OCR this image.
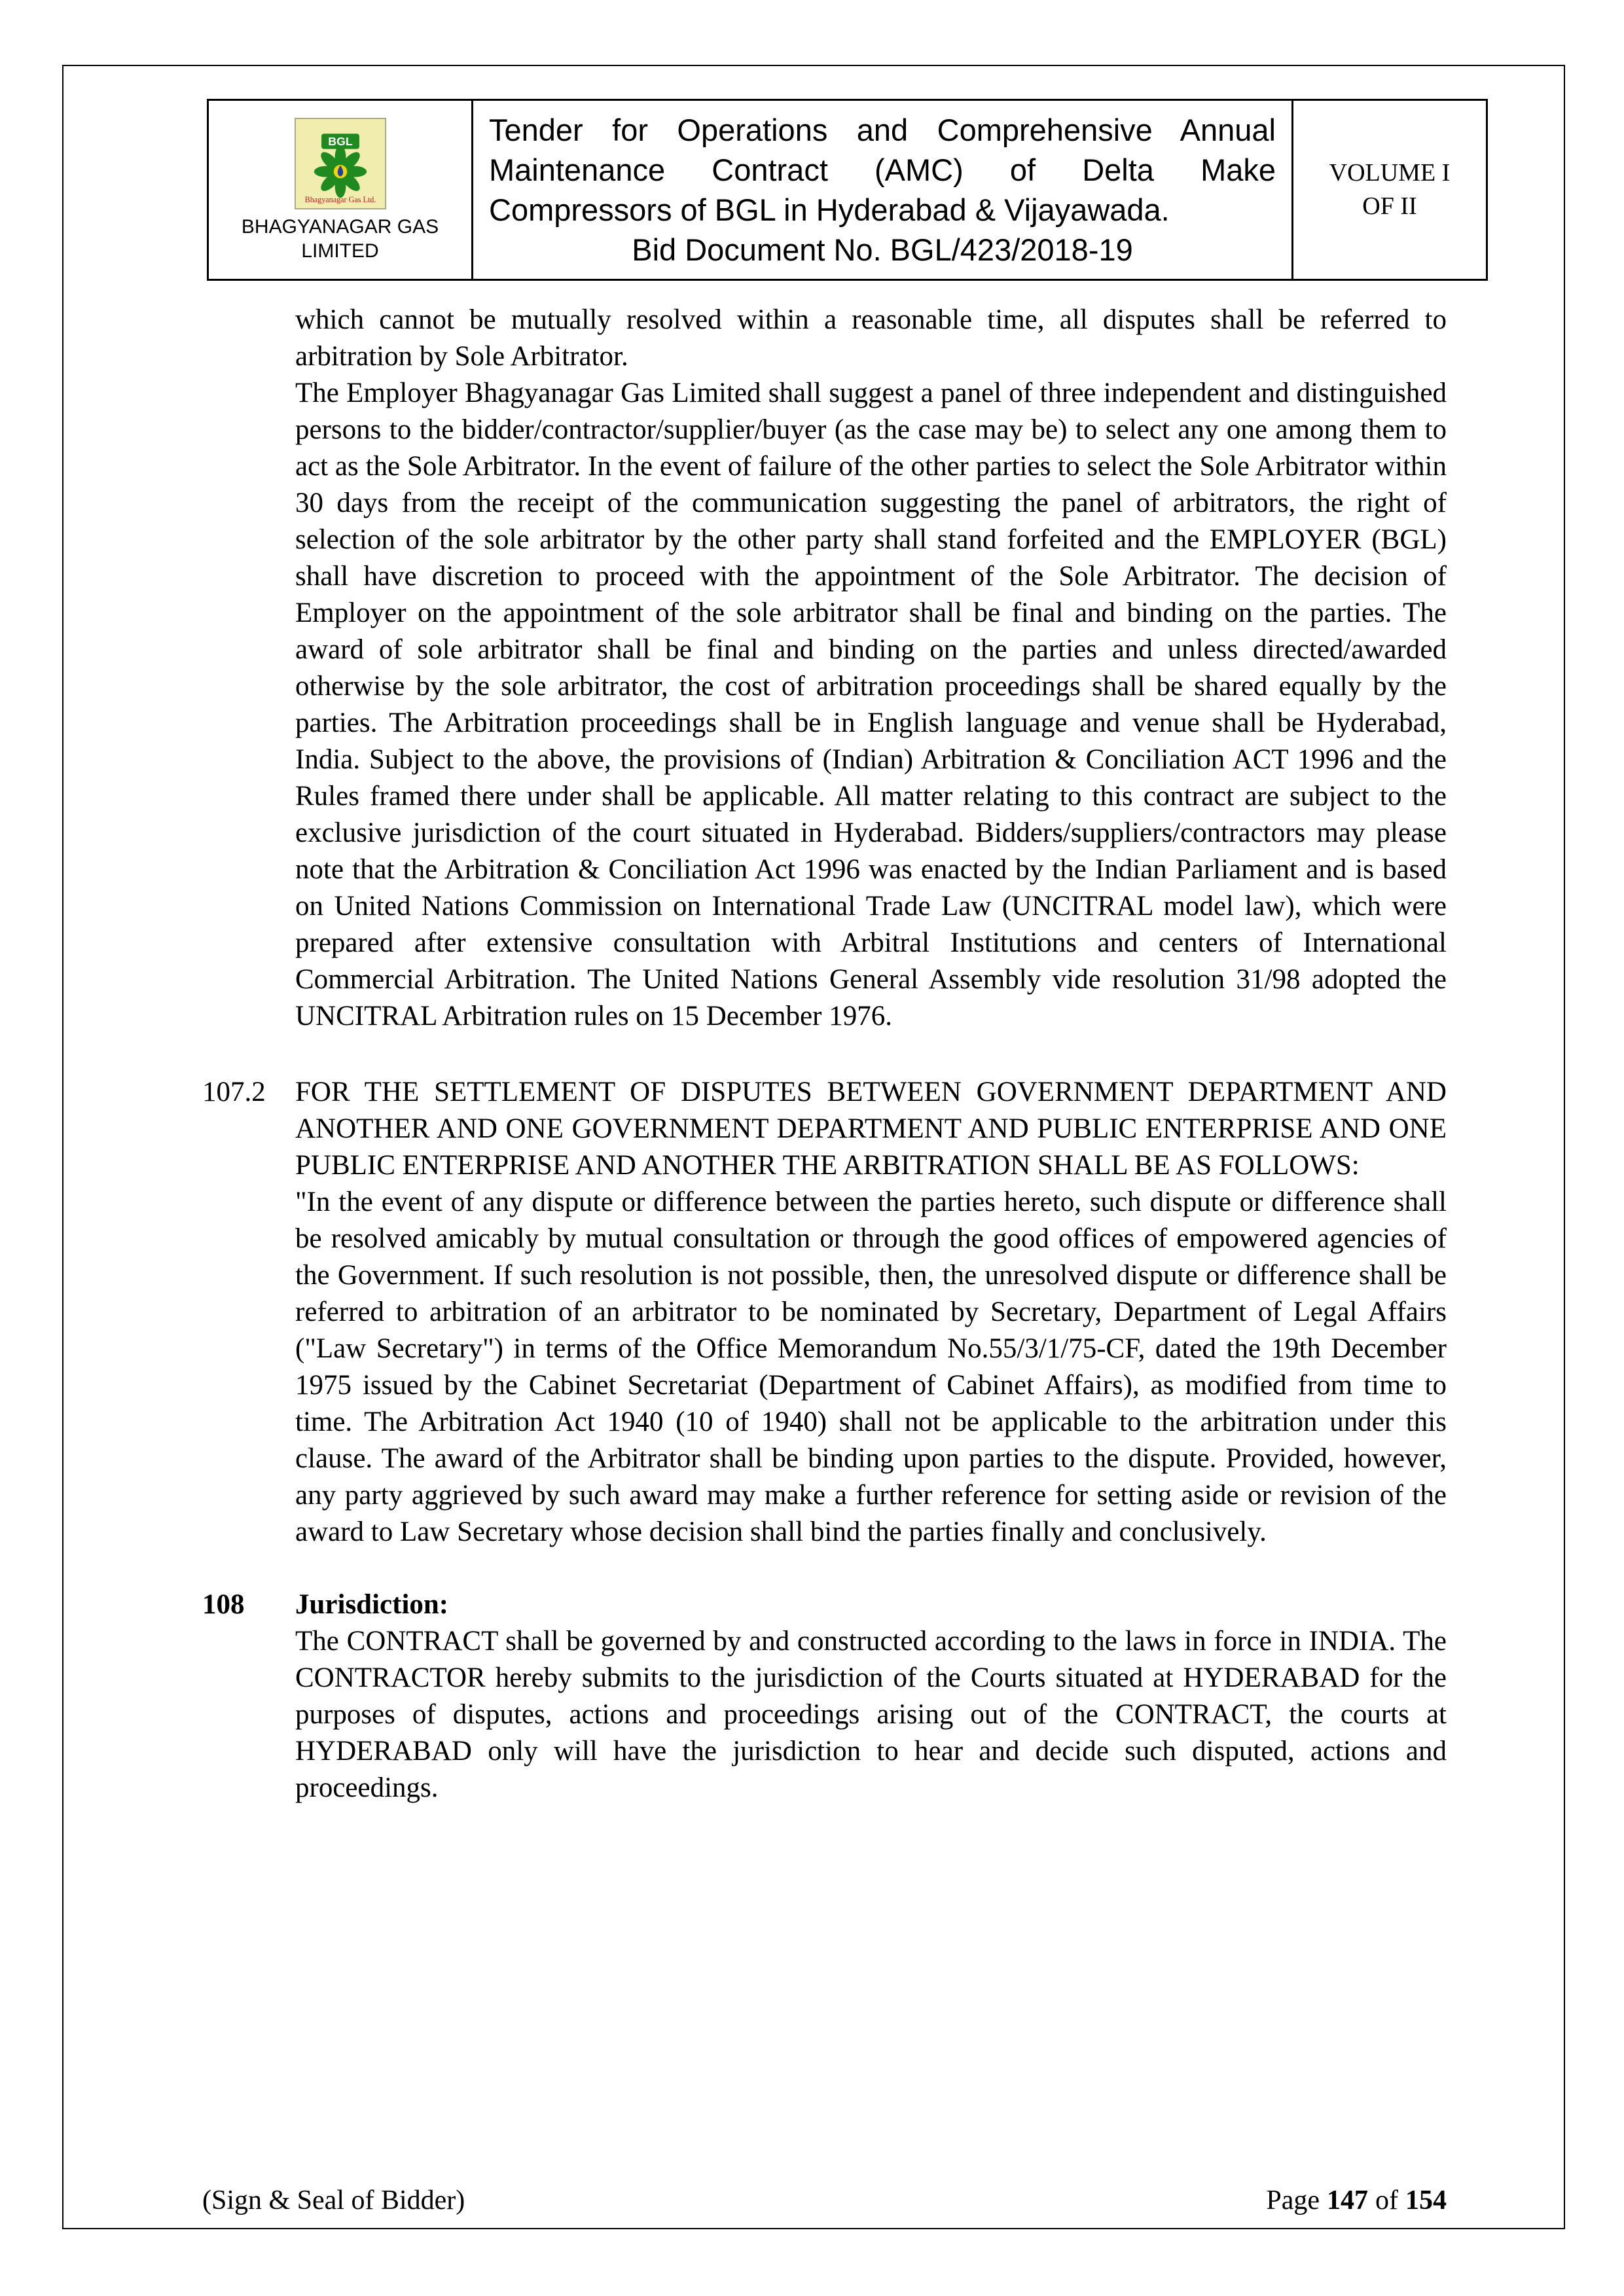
BGL
Bhagyanagar Gas Ltd.
BHAGYANAGAR GAS LIMITED
Tender for Operations and Comprehensive Annual Maintenance Contract (AMC) of Delta Make Compressors of BGL in Hyderabad & Vijayawada.
Bid Document No. BGL/423/2018-19
VOLUME I
OF II

which cannot be mutually resolved within a reasonable time, all disputes shall be referred to arbitration by Sole Arbitrator.

The Employer Bhagyanagar Gas Limited shall suggest a panel of three independent and distinguished persons to the bidder/contractor/supplier/buyer (as the case may be) to select any one among them to act as the Sole Arbitrator. In the event of failure of the other parties to select the Sole Arbitrator within 30 days from the receipt of the communication suggesting the panel of arbitrators, the right of selection of the sole arbitrator by the other party shall stand forfeited and the EMPLOYER (BGL) shall have discretion to proceed with the appointment of the Sole Arbitrator. The decision of Employer on the appointment of the sole arbitrator shall be final and binding on the parties. The award of sole arbitrator shall be final and binding on the parties and unless directed/awarded otherwise by the sole arbitrator, the cost of arbitration proceedings shall be shared equally by the parties. The Arbitration proceedings shall be in English language and venue shall be Hyderabad, India. Subject to the above, the provisions of (Indian) Arbitration & Conciliation ACT 1996 and the Rules framed there under shall be applicable. All matter relating to this contract are subject to the exclusive jurisdiction of the court situated in Hyderabad. Bidders/suppliers/contractors may please note that the Arbitration & Conciliation Act 1996 was enacted by the Indian Parliament and is based on United Nations Commission on International Trade Law (UNCITRAL model law), which were prepared after extensive consultation with Arbitral Institutions and centers of International Commercial Arbitration. The United Nations General Assembly vide resolution 31/98 adopted the UNCITRAL Arbitration rules on 15 December 1976.

107.2	FOR THE SETTLEMENT OF DISPUTES BETWEEN GOVERNMENT DEPARTMENT AND ANOTHER AND ONE GOVERNMENT DEPARTMENT AND PUBLIC ENTERPRISE AND ONE PUBLIC ENTERPRISE AND ANOTHER THE ARBITRATION SHALL BE AS FOLLOWS:

"In the event of any dispute or difference between the parties hereto, such dispute or difference shall be resolved amicably by mutual consultation or through the good offices of empowered agencies of the Government. If such resolution is not possible, then, the unresolved dispute or difference shall be referred to arbitration of an arbitrator to be nominated by Secretary, Department of Legal Affairs ("Law Secretary") in terms of the Office Memorandum No.55/3/1/75-CF, dated the 19th December 1975 issued by the Cabinet Secretariat (Department of Cabinet Affairs), as modified from time to time. The Arbitration Act 1940 (10 of 1940) shall not be applicable to the arbitration under this clause. The award of the Arbitrator shall be binding upon parties to the dispute. Provided, however, any party aggrieved by such award may make a further reference for setting aside or revision of the award to Law Secretary whose decision shall bind the parties finally and conclusively.

108	Jurisdiction:

The CONTRACT shall be governed by and constructed according to the laws in force in INDIA. The CONTRACTOR hereby submits to the jurisdiction of the Courts situated at HYDERABAD for the purposes of disputes, actions and proceedings arising out of the CONTRACT, the courts at HYDERABAD only will have the jurisdiction to hear and decide such disputed, actions and proceedings.

(Sign & Seal of Bidder)	Page 147 of 154
